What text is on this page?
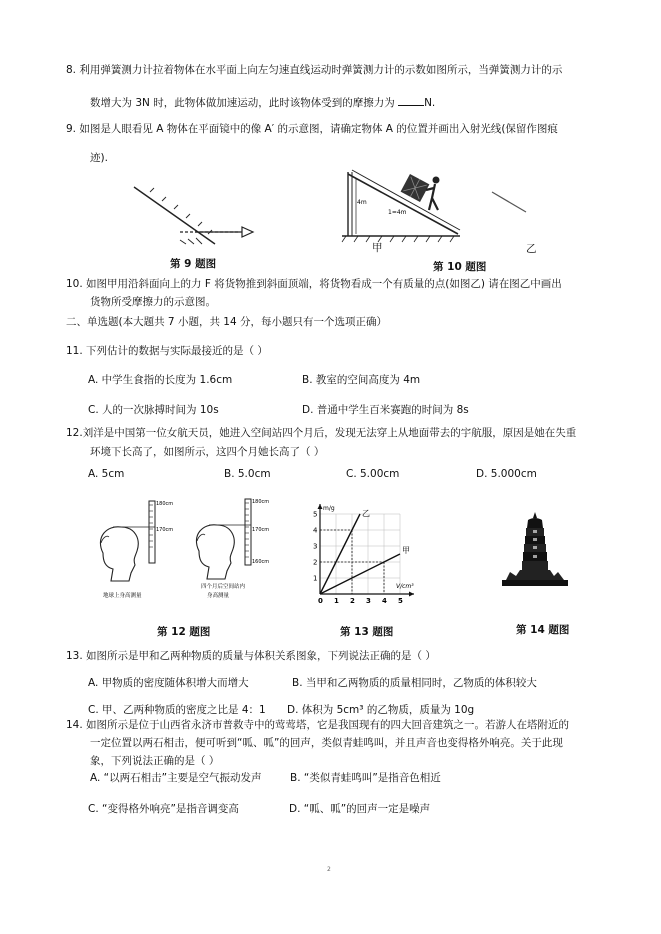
8. 利用弹簧测力计拉着物体在水平面上向左匀速直线运动时弹簧测力计的示数如图所示，当弹簧测力计的示
数增大为 3N 时，此物体做加速运动，此时该物体受到的摩擦力为	N.
9. 如图是人眼看见 A 物体在平面镜中的像 A′ 的示意图，请确定物体 A 的位置并画出入射光线(保留作图痕
迹).
第 9 题图
4m
1=4m
甲	乙
第 10 题图
10. 如图甲用沿斜面向上的力 F 将货物推到斜面顶端，将货物看成一个有质量的点(如图乙) 请在图乙中画出
货物所受摩擦力的示意图。
二、单选题(本大题共 7 小题，共 14 分，每小题只有一个选项正确）
11. 下列估计的数据与实际最接近的是（ ）
A. 中学生食指的长度为 1.6cm	B. 教室的空间高度为 4m
C. 人的一次脉搏时间为 10s	D. 普通中学生百米赛跑的时间为 8s
12.刘洋是中国第一位女航天员，她进入空间站四个月后，发现无法穿上从地面带去的宇航服，原因是她在失重
环境下长高了，如图所示，这四个月她长高了（ ）
A. 5cm	B. 5.0cm	C. 5.00cm	D. 5.000cm
180cm
170cm
地球上身高测量
180cm
170cm
160cm
四个月后空间站内
身高测量
第 12 题图
1
2
3
4
5
0 1 2 3 4 5
m/g
V/cm³
乙
甲
第 13 题图	第 14 题图
13. 如图所示是甲和乙两种物质的质量与体积关系图象，下列说法正确的是（ ）
A. 甲物质的密度随体积增大而增大	B. 当甲和乙两物质的质量相同时，乙物质的体积较大
C. 甲、乙两种物质的密度之比是 4：1 D. 体积为 5cm³ 的乙物质，质量为 10g
14. 如图所示是位于山西省永济市普救寺中的莺莺塔，它是我国现有的四大回音建筑之一。若游人在塔附近的
一定位置以两石相击，便可听到“呱、呱”的回声，类似青蛙鸣叫，并且声音也变得格外响亮。关于此现
象，下列说法正确的是（ ）
A. “以两石相击”主要是空气振动发声	B. “类似青蛙鸣叫”是指音色相近
C. “变得格外响亮”是指音调变高	D. “呱、呱”的回声一定是噪声
2
